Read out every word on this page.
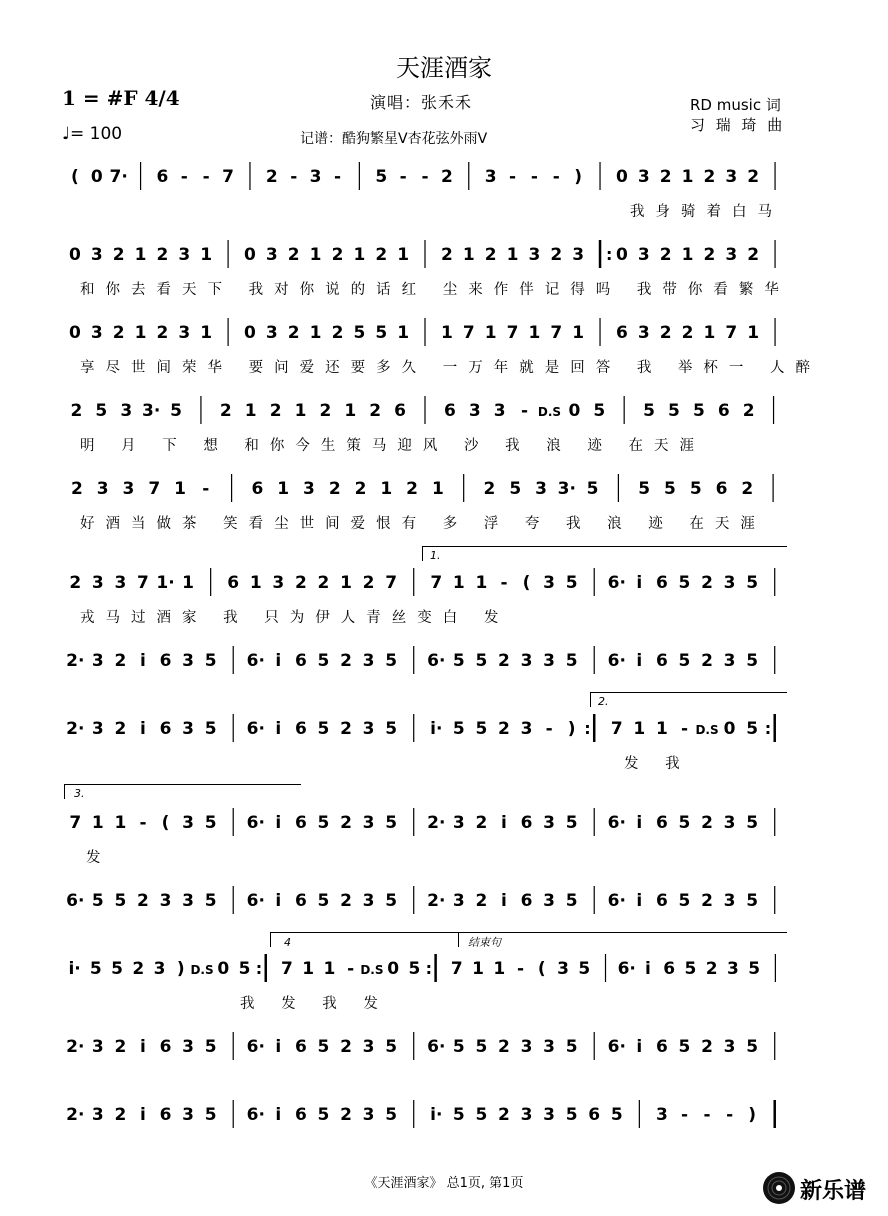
天涯酒家
1 = #F 4/4
♩= 100
演唱：张禾禾	RD music 词
习 瑞 琦 曲
记谱：酷狗繁星V杏花弦外雨V
( 0 7· 6 - - 7 2 - 3 - 5 - - 2 3 - - - ) 0 3 2 1 2 3 2
我身骑着白马
0 3 2 1 2 3 1 0 3 2 1 2 1 2 1 2 1 2 1 3 2 3 : 0 3 2 1 2 3 2
和你去看天下 我对你说的话红 尘来作伴记得吗 我带你看繁华
0 3 2 1 2 3 1 0 3 2 1 2 5 5 1 1 7 1 7 1 7 1 6 3 2 2 1 7 1
享尽世间荣华 要问爱还要多久 一万年就是回答 我 举杯一 人醉
2 5 3 3· 5 2 1 2 1 2 1 2 6 6 3 3 - D.S 0 5 5 5 5 6 2
明 月 下 想 和你今生策马迎风 沙 我 浪 迹 在天涯
2 3 3 7 1 - 6 1 3 2 2 1 2 1 2 5 3 3· 5 5 5 5 6 2
好酒当做茶 笑看尘世间爱恨有 多 浮 夸 我 浪 迹 在天涯
2 3 3 7 1· 1 6 1 3 2 2 1 2 7 7 1 1 - ( 3 5 6· i 6 5 2 3 5
戎马过酒家 我 只为伊人青丝变白 发
2· 3 2 i 6 3 5 6· i 6 5 2 3 5 6· 5 5 2 3 3 5 6· i 6 5 2 3 5
2· 3 2 i 6 3 5 6· i 6 5 2 3 5 i· 5 5 2 3 - ) : 7 1 1 - D.S 0 5 :
发 我
7 1 1 - ( 3 5 6· i 6 5 2 3 5 2· 3 2 i 6 3 5 6· i 6 5 2 3 5
发
6· 5 5 2 3 3 5 6· i 6 5 2 3 5 2· 3 2 i 6 3 5 6· i 6 5 2 3 5
i· 5 5 2 3 ) D.S 0 5 : 7 1 1 - D.S 0 5 : 7 1 1 - ( 3 5 6· i 6 5 2 3 5
我 发 我 发
2· 3 2 i 6 3 5 6· i 6 5 2 3 5 6· 5 5 2 3 3 5 6· i 6 5 2 3 5
2· 3 2 i 6 3 5 6· i 6 5 2 3 5 i· 5 5 2 3 3 5 6 5 3 - - - )
1.
2.
3.
4	结束句
《天涯酒家》 总1页, 第1页	新乐谱
